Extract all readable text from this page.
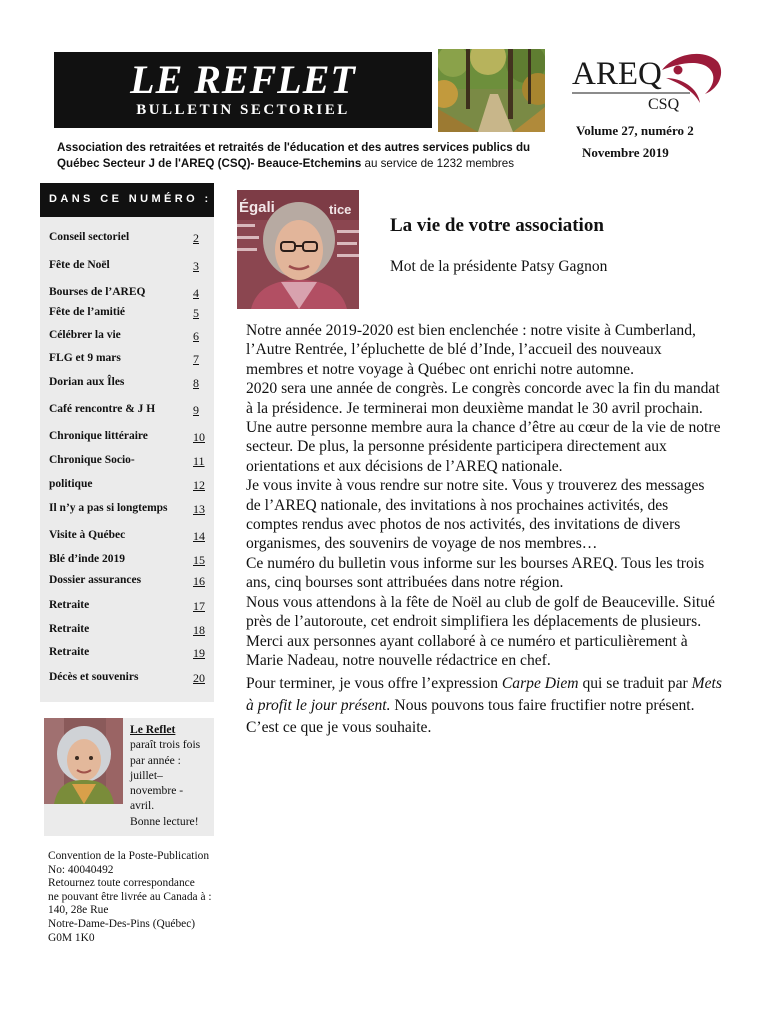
LE REFLET
BULLETIN SECTORIEL
AREQ
CSQ
Association des retraitées et retraités de l'éducation et des autres services publics du Québec Secteur J de l'AREQ (CSQ)- Beauce-Etchemins au service de 1232 membres
Volume 27, numéro 2
Novembre 2019
DANS CE NUMÉRO :
Conseil sectoriel	2
Fête de Noël	3
Bourses de l’AREQ	4
Fête de l’amitié	5
Célébrer la vie	6
FLG et 9 mars	7
Dorian aux Îles	8
Café rencontre & J H	9
Chronique littéraire	10
Chronique Socio-	11
politique	12
Il n’y a pas si longtemps 13
Visite à Québec	14
Blé d’inde 2019	15
Dossier assurances	16
Retraite	17
Retraite	18
Retraite	19
Décès et souvenirs	20
Le Reflet
paraît trois fois
par année :
juillet–
novembre -
avril.
Bonne lecture!
Convention de la Poste-Publication
No: 40040492
Retournez toute correspondance
ne pouvant être livrée au Canada à :
140, 28e Rue
Notre-Dame-Des-Pins (Québec)
G0M 1K0
Égali	tice
La vie de votre association
Mot de la présidente Patsy Gagnon

Notre année 2019-2020 est bien enclenchée : notre visite à Cumberland, l’Autre Rentrée, l’épluchette de blé d’Inde, l’accueil des nouveaux membres et notre voyage à Québec ont enrichi notre automne.

2020 sera une année de congrès. Le congrès concorde avec la fin du mandat à la présidence. Je terminerai mon deuxième mandat le 30 avril prochain. Une autre personne membre aura la chance d’être au cœur de la vie de notre secteur. De plus, la personne présidente participera directement aux orientations et aux décisions de l’AREQ nationale.

Je vous invite à vous rendre sur notre site. Vous y trouverez des messages de l’AREQ nationale, des invitations à nos prochaines activités, des comptes rendus avec photos de nos activités, des invitations de divers organismes, des souvenirs de voyage de nos membres…

Ce numéro du bulletin vous informe sur les bourses AREQ. Tous les trois ans, cinq bourses sont attribuées dans notre région.

Nous vous attendons à la fête de Noël au club de golf de Beauceville. Situé près de l’autoroute, cet endroit simplifiera les déplacements de plusieurs.

Merci aux personnes ayant collaboré à ce numéro et particulièrement à Marie Nadeau, notre nouvelle rédactrice en chef.

Pour terminer, je vous offre l’expression Carpe Diem qui se traduit par Mets à profit le jour présent. Nous pouvons tous faire fructifier notre présent. C’est ce que je vous souhaite.
